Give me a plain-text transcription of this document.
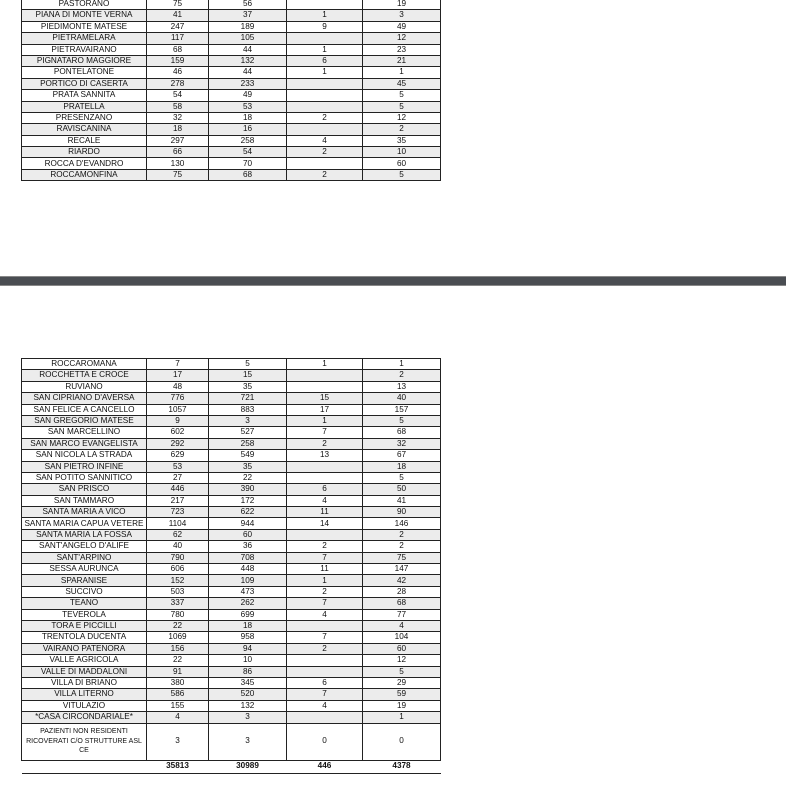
PASTORANO	75	56		19
PIANA DI MONTE VERNA	41	37	1	3
PIEDIMONTE MATESE	247	189	9	49
PIETRAMELARA	117	105		12
PIETRAVAIRANO	68	44	1	23
PIGNATARO MAGGIORE	159	132	6	21
PONTELATONE	46	44	1	1
PORTICO DI CASERTA	278	233		45
PRATA SANNITA	54	49		5
PRATELLA	58	53		5
PRESENZANO	32	18	2	12
RAVISCANINA	18	16		2
RECALE	297	258	4	35
RIARDO	66	54	2	10
ROCCA D'EVANDRO	130	70		60
ROCCAMONFINA	75	68	2	5
ROCCAROMANA	7	5	1	1
ROCCHETTA E CROCE	17	15		2
RUVIANO	48	35		13
SAN CIPRIANO D'AVERSA	776	721	15	40
SAN FELICE A CANCELLO	1057	883	17	157
SAN GREGORIO MATESE	9	3	1	5
SAN MARCELLINO	602	527	7	68
SAN MARCO EVANGELISTA	292	258	2	32
SAN NICOLA LA STRADA	629	549	13	67
SAN PIETRO INFINE	53	35		18
SAN POTITO SANNITICO	27	22		5
SAN PRISCO	446	390	6	50
SAN TAMMARO	217	172	4	41
SANTA MARIA A VICO	723	622	11	90
SANTA MARIA CAPUA VETERE	1104	944	14	146
SANTA MARIA LA FOSSA	62	60		2
SANT'ANGELO D'ALIFE	40	36	2	2
SANT'ARPINO	790	708	7	75
SESSA AURUNCA	606	448	11	147
SPARANISE	152	109	1	42
SUCCIVO	503	473	2	28
TEANO	337	262	7	68
TEVEROLA	780	699	4	77
TORA E PICCILLI	22	18		4
TRENTOLA DUCENTA	1069	958	7	104
VAIRANO PATENORA	156	94	2	60
VALLE AGRICOLA	22	10		12
VALLE DI MADDALONI	91	86		5
VILLA DI BRIANO	380	345	6	29
VILLA LITERNO	586	520	7	59
VITULAZIO	155	132	4	19
*CASA CIRCONDARIALE*	4	3		1
PAZIENTI NON RESIDENTI RICOVERATI C/O STRUTTURE ASL CE	3	3	0	0
	35813	30989	446	4378
